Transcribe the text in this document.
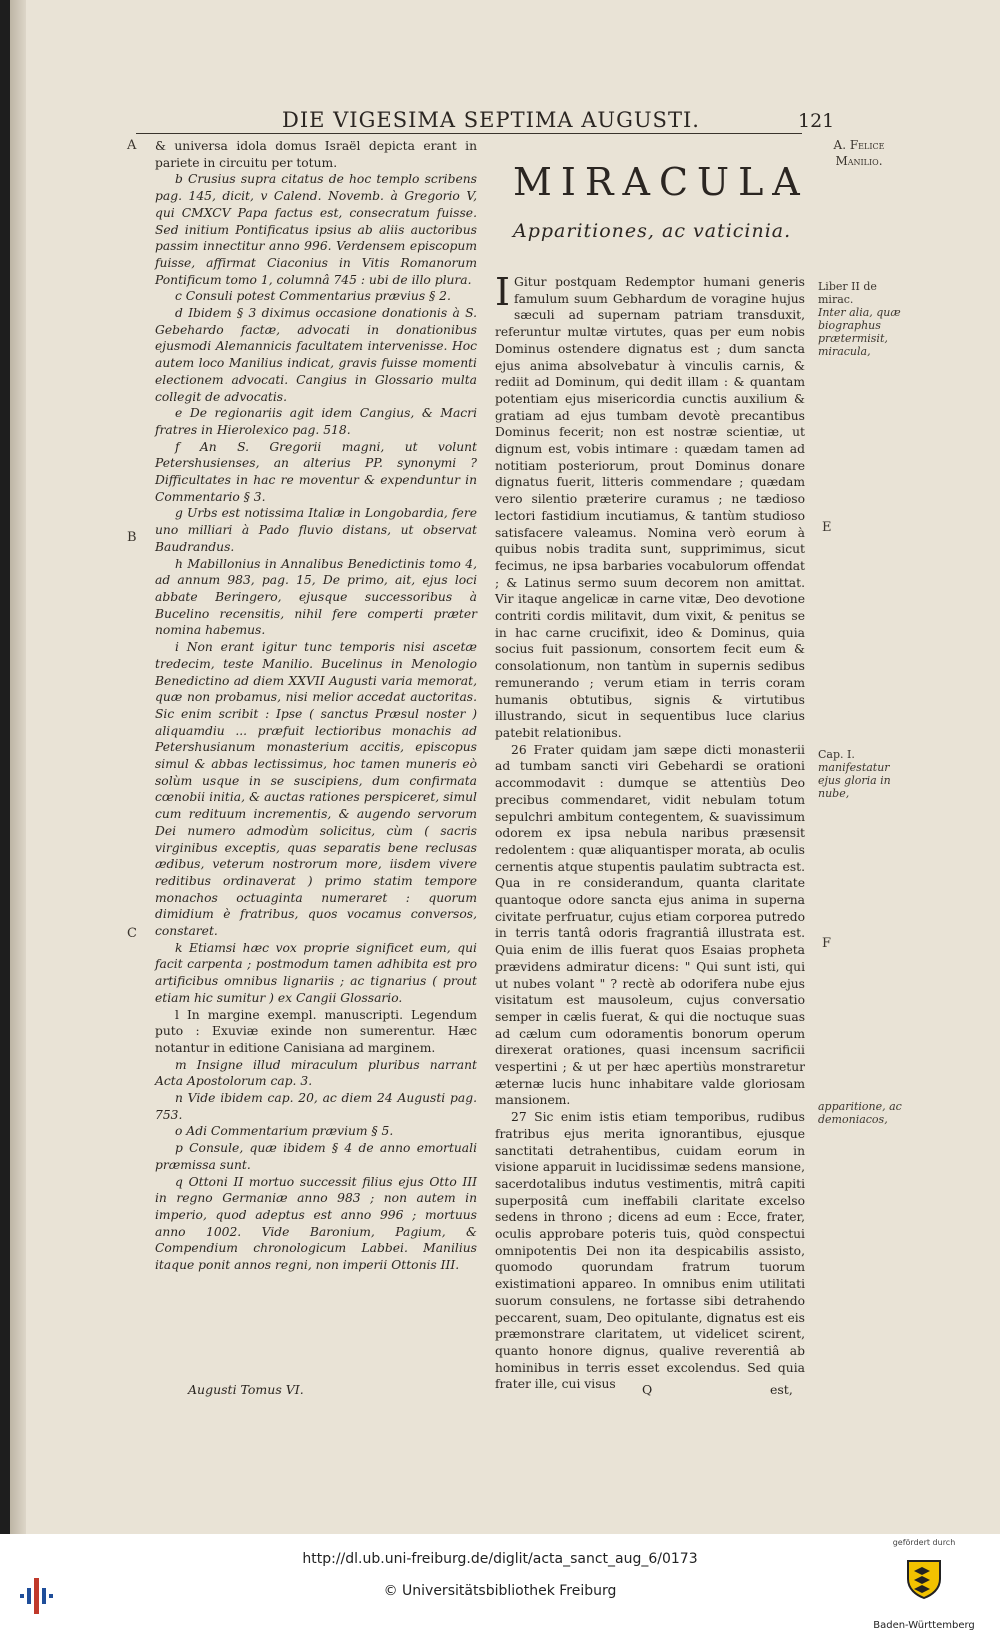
DIE VIGESIMA SEPTIMA AUGUSTI.	121
A. Felice
Manilio.
A
B
C

& universa idola domus Israël depicta erant in pariete in circuitu per totum.

b Crusius supra citatus de hoc templo scribens pag. 145, dicit, v Calend. Novemb. à Gregorio V, qui CMXCV Papa factus est, consecratum fuisse. Sed initium Pontificatus ipsius ab aliis auctoribus passim innectitur anno 996. Verdensem episcopum fuisse, affirmat Ciaconius in Vitis Romanorum Pontificum tomo 1, columnâ 745 : ubi de illo plura.

c Consuli potest Commentarius prævius § 2.

d Ibidem § 3 diximus occasione donationis à S. Gebehardo factæ, advocati in donationibus ejusmodi Alemannicis facultatem intervenisse. Hoc autem loco Manilius indicat, gravis fuisse momenti electionem advocati. Cangius in Glossario multa collegit de advocatis.

e De regionariis agit idem Cangius, & Macri fratres in Hierolexico pag. 518.

f An S. Gregorii magni, ut volunt Petershusienses, an alterius PP. synonymi ? Difficultates in hac re moventur & expenduntur in Commentario § 3.

g Urbs est notissima Italiæ in Longobardia, fere uno milliari à Pado fluvio distans, ut observat Baudrandus.

h Mabillonius in Annalibus Benedictinis tomo 4, ad annum 983, pag. 15, De primo, ait, ejus loci abbate Beringero, ejusque successoribus à Bucelino recensitis, nihil fere comperti præter nomina habemus.

i Non erant igitur tunc temporis nisi ascetæ tredecim, teste Manilio. Bucelinus in Menologio Benedictino ad diem XXVII Augusti varia memorat, quæ non probamus, nisi melior accedat auctoritas. Sic enim scribit : Ipse ( sanctus Præsul noster ) aliquamdiu ... præfuit lectioribus monachis ad Petershusianum monasterium accitis, episcopus simul & abbas lectissimus, hoc tamen muneris eò solùm usque in se suscipiens, dum confirmata cœnobii initia, & auctas rationes perspiceret, simul cum redituum incrementis, & augendo servorum Dei numero admodùm solicitus, cùm ( sacris virginibus exceptis, quas separatis bene reclusas ædibus, veterum nostrorum more, iisdem vivere reditibus ordinaverat ) primo statim tempore monachos octuaginta numeraret : quorum dimidium è fratribus, quos vocamus conversos, constaret.

k Etiamsi hæc vox proprie significet eum, qui facit carpenta ; postmodum tamen adhibita est pro artificibus omnibus lignariis ; ac tignarius ( prout etiam hic sumitur ) ex Cangii Glossario.

l In margine exempl. manuscripti. Legendum puto : Exuviæ exinde non sumerentur. Hæc notantur in editione Canisiana ad marginem.

m Insigne illud miraculum pluribus narrant Acta Apostolorum cap. 3.

n Vide ibidem cap. 20, ac diem 24 Augusti pag. 753.

o Adi Commentarium prævium § 5.

p Consule, quæ ibidem § 4 de anno emortuali præmissa sunt.

q Ottoni II mortuo successit filius ejus Otto III in regno Germaniæ anno 983 ; non autem in imperio, quod adeptus est anno 996 ; mortuus anno 1002. Vide Baronium, Pagium, & Compendium chronologicum Labbei. Manilius itaque ponit annos regni, non imperii Ottonis III.

MIRACULA
Apparitiones, ac vaticinia.

I Gitur postquam Redemptor humani generis famulum suum Gebhardum de voragine hujus sæculi ad supernam patriam transduxit, referuntur multæ virtutes, quas per eum nobis Dominus ostendere dignatus est ; dum sancta ejus anima absolvebatur à vinculis carnis, & rediit ad Dominum, qui dedit illam : & quantam potentiam ejus misericordia cunctis auxilium & gratiam ad ejus tumbam devotè precantibus Dominus fecerit; non est nostræ scientiæ, ut dignum est, vobis intimare : quædam tamen ad notitiam posteriorum, prout Dominus donare dignatus fuerit, litteris commendare ; quædam vero silentio præterire curamus ; ne tædioso lectori fastidium incutiamus, & tantùm studioso satisfacere valeamus. Nomina verò eorum à quibus nobis tradita sunt, supprimimus, sicut fecimus, ne ipsa barbaries vocabulorum offendat ; & Latinus sermo suum decorem non amittat. Vir itaque angelicæ in carne vitæ, Deo devotione contriti cordis militavit, dum vixit, & penitus se in hac carne crucifixit, ideo & Dominus, quia socius fuit passionum, consortem fecit eum & consolationum, non tantùm in supernis sedibus remunerando ; verum etiam in terris coram humanis obtutibus, signis & virtutibus illustrando, sicut in sequentibus luce clarius patebit relationibus.

26 Frater quidam jam sæpe dicti monasterii ad tumbam sancti viri Gebehardi se orationi accommodavit : dumque se attentiùs Deo precibus commendaret, vidit nebulam totum sepulchri ambitum contegentem, & suavissimum odorem ex ipsa nebula naribus præsensit redolentem : quæ aliquantisper morata, ab oculis cernentis atque stupentis paulatim subtracta est. Qua in re considerandum, quanta claritate quantoque odore sancta ejus anima in superna civitate perfruatur, cujus etiam corporea putredo in terris tantâ odoris fragrantiâ illustrata est. Quia enim de illis fuerat quos Esaias propheta prævidens admiratur dicens: " Qui sunt isti, qui ut nubes volant " ? rectè ab odorifera nube ejus visitatum est mausoleum, cujus conversatio semper in cælis fuerat, & qui die noctuque suas ad cælum cum odoramentis bonorum operum direxerat orationes, quasi incensum sacrificii vespertini ; & ut per hæc apertiùs monstraretur æternæ lucis hunc inhabitare valde gloriosam mansionem.

27 Sic enim istis etiam temporibus, rudibus fratribus ejus merita ignorantibus, ejusque sanctitati detrahentibus, cuidam eorum in visione apparuit in lucidissimæ sedens mansione, sacerdotalibus indutus vestimentis, mitrâ capiti superpositâ cum ineffabili claritate excelso sedens in throno ; dicens ad eum : Ecce, frater, oculis approbare poteris tuis, quòd conspectui omnipotentis Dei non ita despicabilis assisto, quomodo quorundam fratrum tuorum existimationi appareo. In omnibus enim utilitati suorum consulens, ne fortasse sibi detrahendo peccarent, suam, Deo opitulante, dignatus est eis præmonstrare claritatem, ut videlicet scirent, quanto honore dignus, qualive reverentiâ ab hominibus in terris esset excolendus. Sed quia frater ille, cui visus

E
F
Liber II de mirac.
Inter alia, quæ biographus prætermisit, miracula,
Cap. I.
manifestatur ejus gloria in nube,
apparitione, ac demoniacos,
Augusti Tomus VI.	Q	est,
http://dl.ub.uni-freiburg.de/diglit/acta_sanct_aug_6/0173
© Universitätsbibliothek Freiburg
gefördert durch
Baden-Württemberg
